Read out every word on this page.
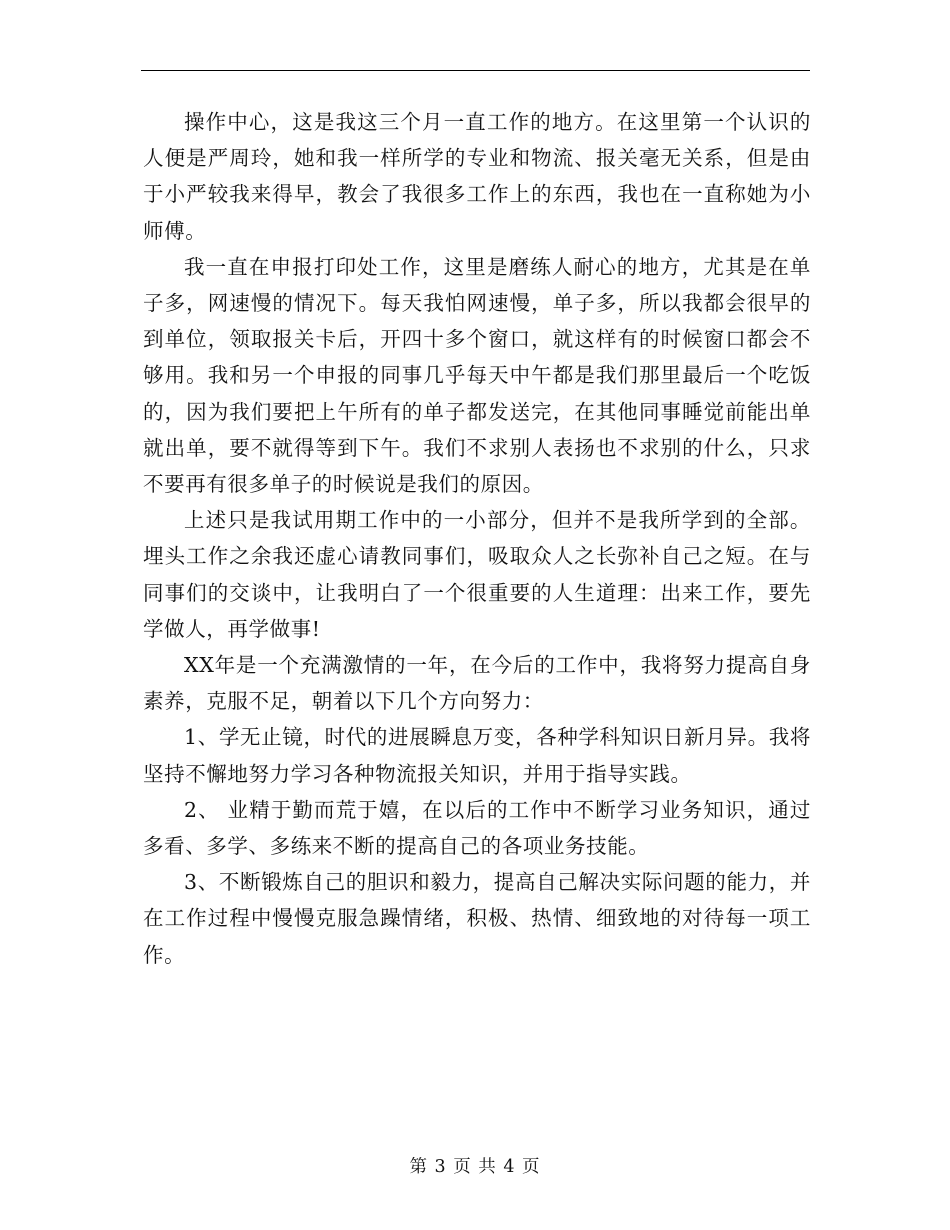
操作中心，这是我这三个月一直工作的地方。在这里第一个认识的人便是严周玲，她和我一样所学的专业和物流、报关毫无关系，但是由于小严较我来得早，教会了我很多工作上的东西，我也在一直称她为小师傅。

我一直在申报打印处工作，这里是磨练人耐心的地方，尤其是在单子多，网速慢的情况下。每天我怕网速慢，单子多，所以我都会很早的到单位，领取报关卡后，开四十多个窗口，就这样有的时候窗口都会不够用。我和另一个申报的同事几乎每天中午都是我们那里最后一个吃饭的，因为我们要把上午所有的单子都发送完，在其他同事睡觉前能出单就出单，要不就得等到下午。我们不求别人表扬也不求别的什么，只求不要再有很多单子的时候说是我们的原因。

上述只是我试用期工作中的一小部分，但并不是我所学到的全部。埋头工作之余我还虚心请教同事们，吸取众人之长弥补自己之短。在与同事们的交谈中，让我明白了一个很重要的人生道理：出来工作，要先学做人，再学做事!

XX年是一个充满激情的一年，在今后的工作中，我将努力提高自身素养，克服不足，朝着以下几个方向努力：

1、学无止镜，时代的进展瞬息万变，各种学科知识日新月异。我将坚持不懈地努力学习各种物流报关知识，并用于指导实践。

2、 业精于勤而荒于嬉，在以后的工作中不断学习业务知识，通过多看、多学、多练来不断的提高自己的各项业务技能。

3、不断锻炼自己的胆识和毅力，提高自己解决实际问题的能力，并在工作过程中慢慢克服急躁情绪，积极、热情、细致地的对待每一项工作。

第 3 页 共 4 页
